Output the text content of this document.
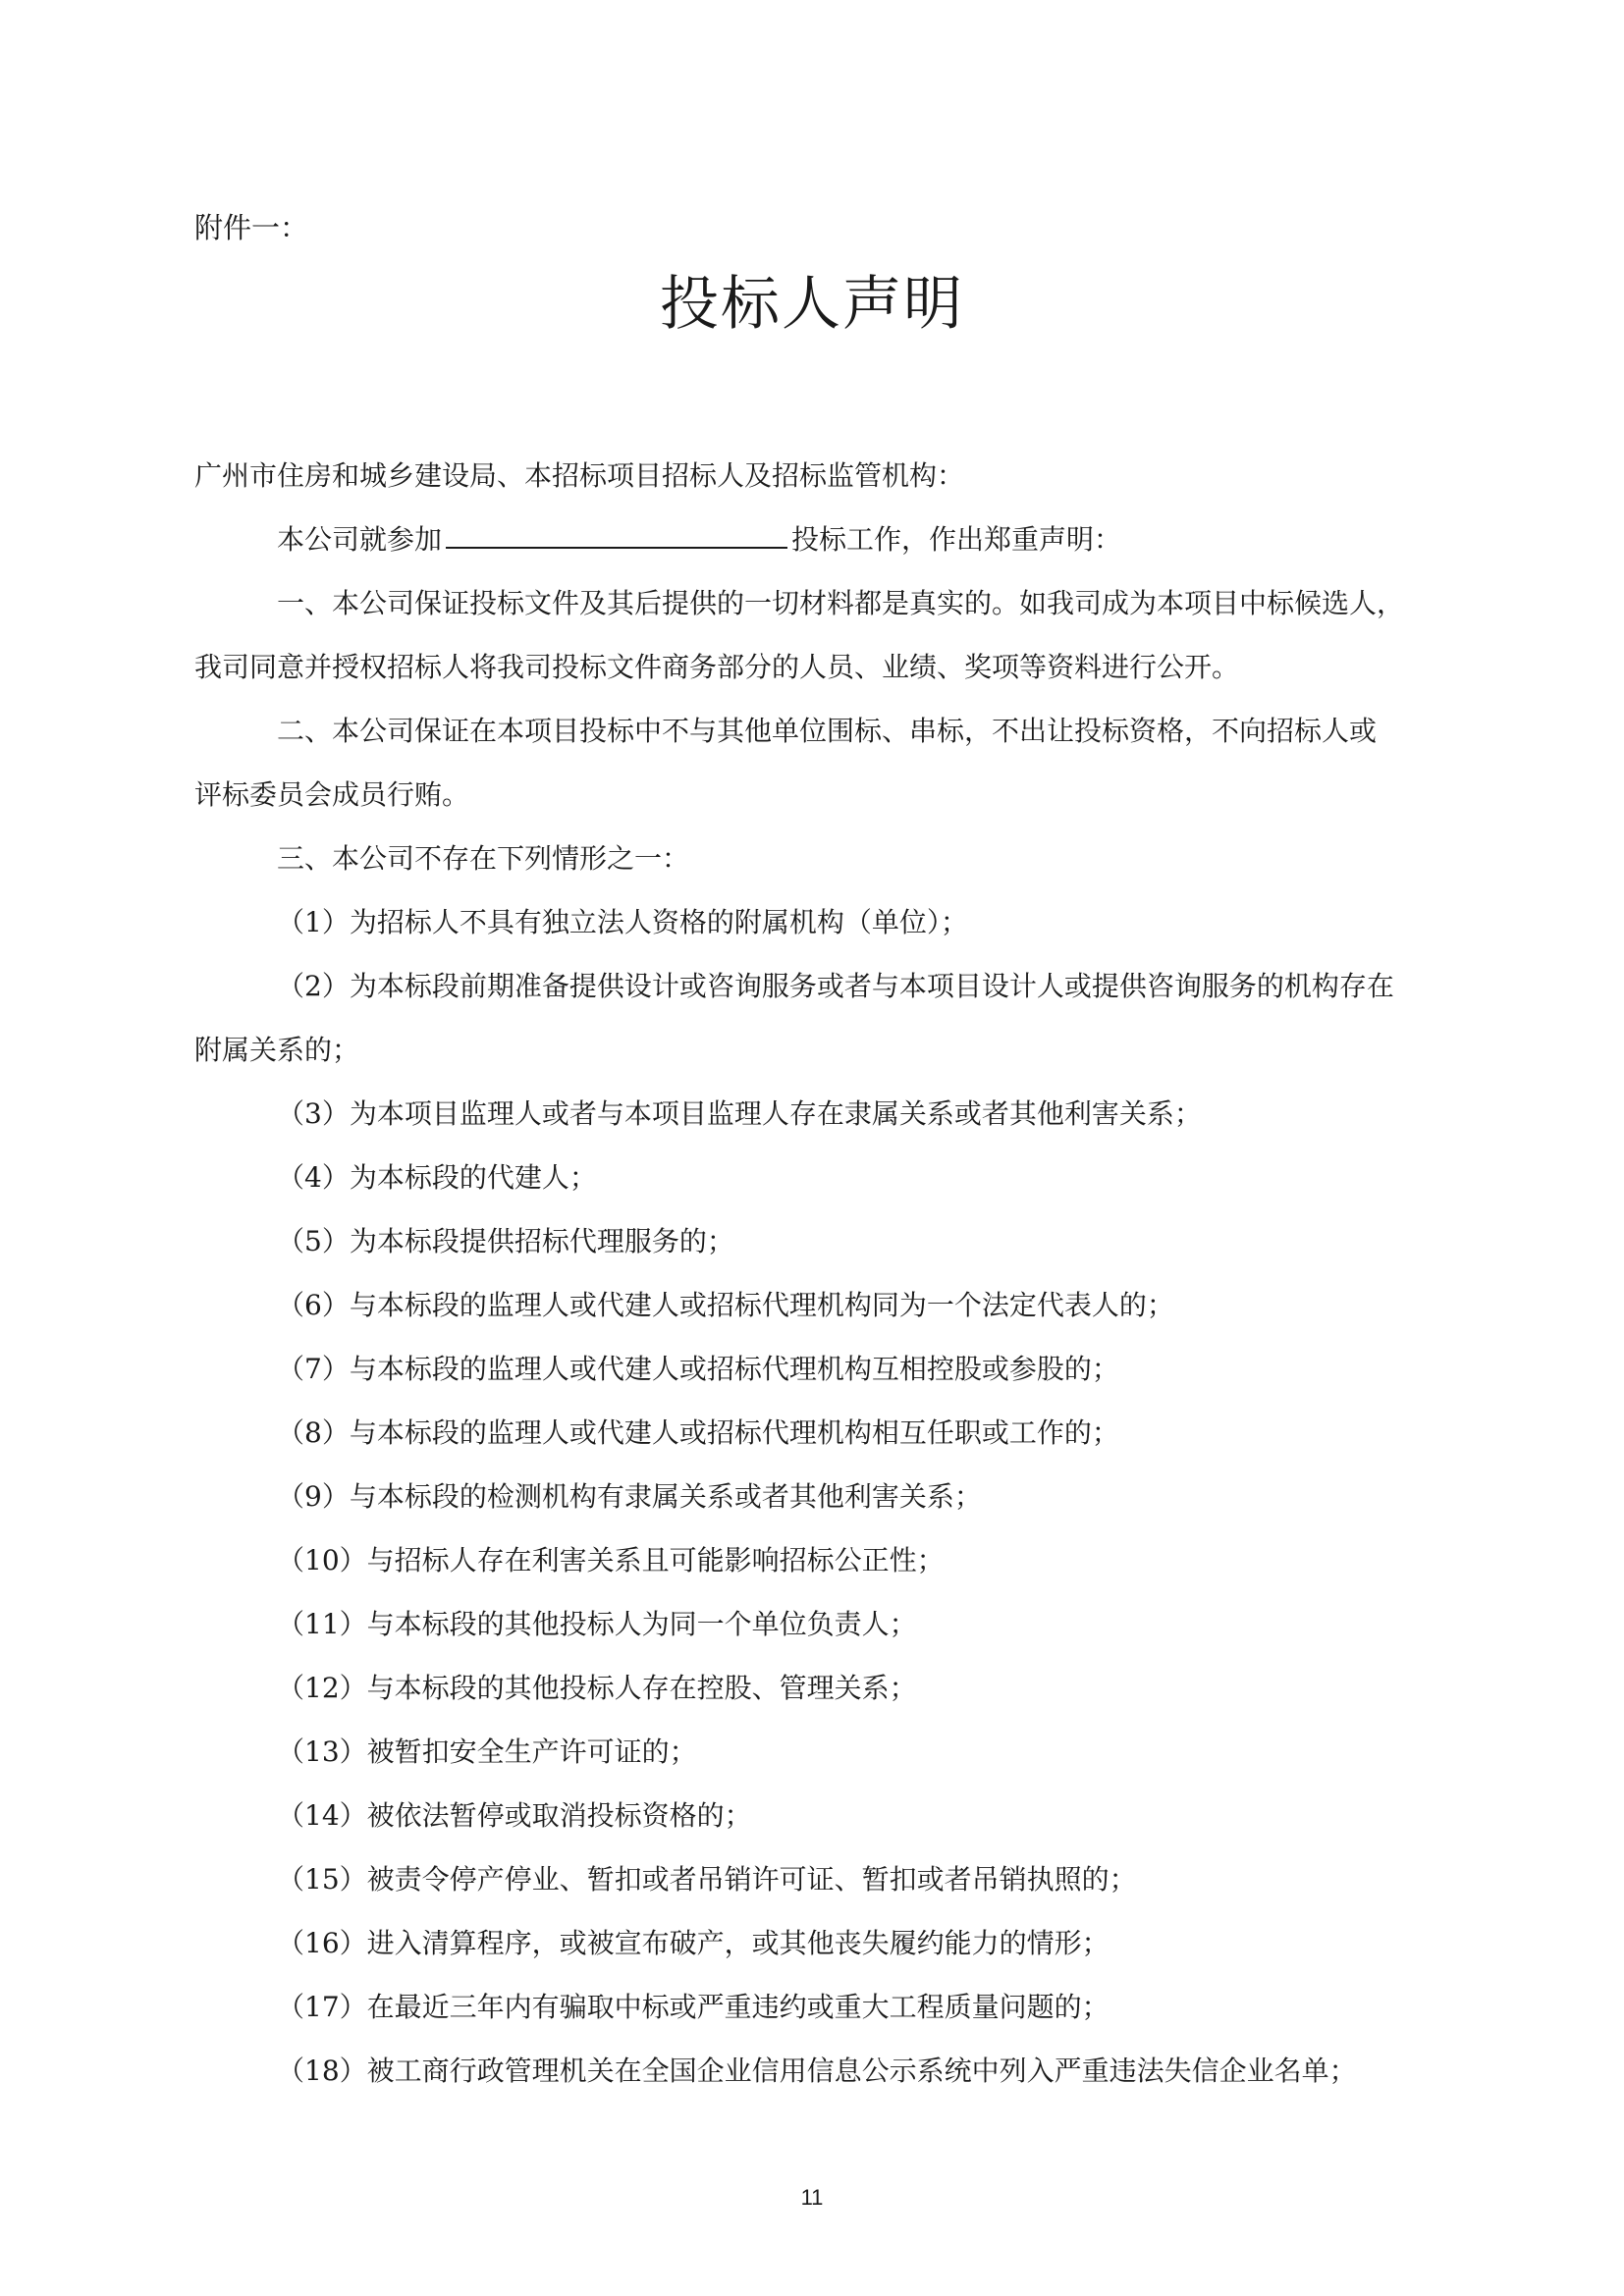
附件一：
投标人声明
广州市住房和城乡建设局、本招标项目招标人及招标监管机构：
本公司就参加	投标工作，作出郑重声明：
一、本公司保证投标文件及其后提供的一切材料都是真实的。如我司成为本项目中标候选人，
我司同意并授权招标人将我司投标文件商务部分的人员、业绩、奖项等资料进行公开。
二、本公司保证在本项目投标中不与其他单位围标、串标，不出让投标资格，不向招标人或
评标委员会成员行贿。
三、本公司不存在下列情形之一：
（1）为招标人不具有独立法人资格的附属机构（单位）；
（2）为本标段前期准备提供设计或咨询服务或者与本项目设计人或提供咨询服务的机构存在
附属关系的；
（3）为本项目监理人或者与本项目监理人存在隶属关系或者其他利害关系；
（4）为本标段的代建人；
（5）为本标段提供招标代理服务的；
（6）与本标段的监理人或代建人或招标代理机构同为一个法定代表人的；
（7）与本标段的监理人或代建人或招标代理机构互相控股或参股的；
（8）与本标段的监理人或代建人或招标代理机构相互任职或工作的；
（9）与本标段的检测机构有隶属关系或者其他利害关系；
（10）与招标人存在利害关系且可能影响招标公正性；
（11）与本标段的其他投标人为同一个单位负责人；
（12）与本标段的其他投标人存在控股、管理关系；
（13）被暂扣安全生产许可证的；
（14）被依法暂停或取消投标资格的；
（15）被责令停产停业、暂扣或者吊销许可证、暂扣或者吊销执照的；
（16）进入清算程序，或被宣布破产，或其他丧失履约能力的情形；
（17）在最近三年内有骗取中标或严重违约或重大工程质量问题的；
（18）被工商行政管理机关在全国企业信用信息公示系统中列入严重违法失信企业名单；
11
